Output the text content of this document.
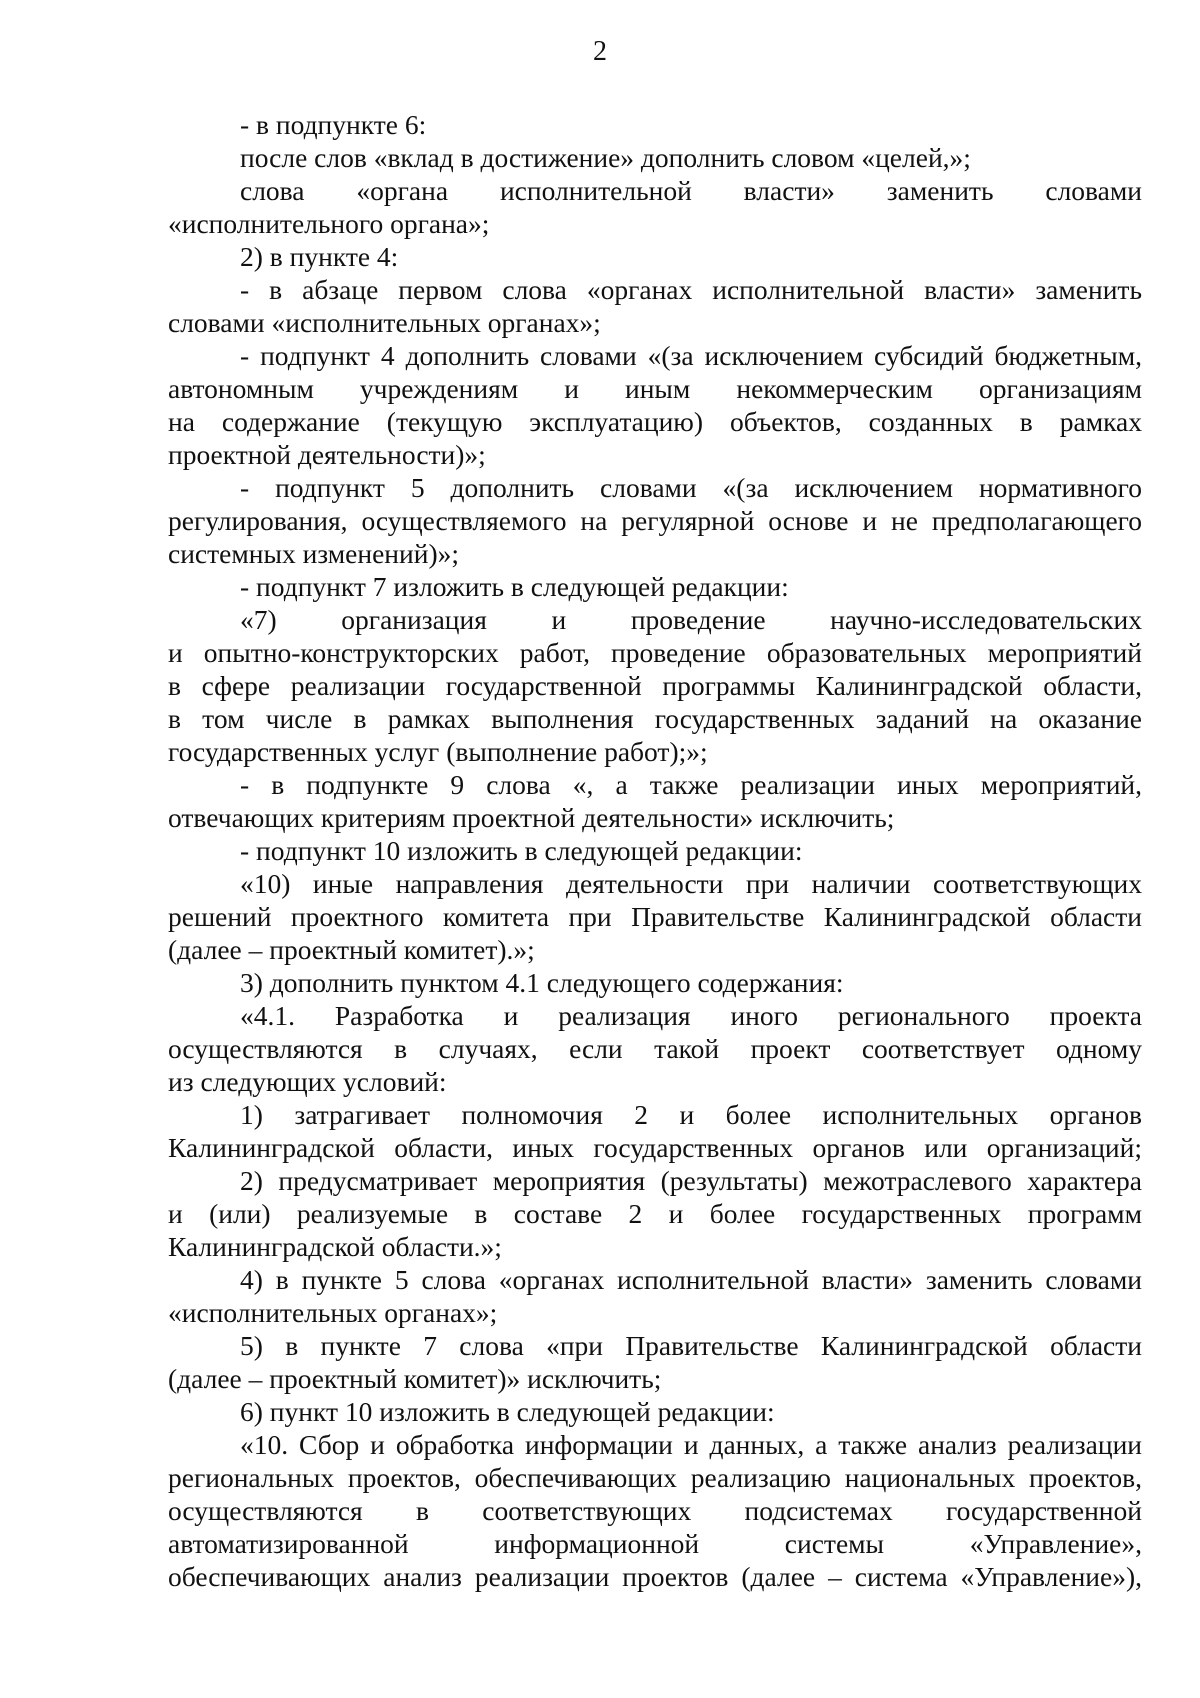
2
- в подпункте 6:
после слов «вклад в достижение» дополнить словом «целей,»;
слова «органа исполнительной власти» заменить словами
«исполнительного органа»;
2) в пункте 4:
- в абзаце первом слова «органах исполнительной власти» заменить
словами «исполнительных органах»;
- подпункт 4 дополнить словами «(за исключением субсидий бюджетным,
автономным учреждениям и иным некоммерческим организациям
на содержание (текущую эксплуатацию) объектов, созданных в рамках
проектной деятельности)»;
- подпункт 5 дополнить словами «(за исключением нормативного
регулирования, осуществляемого на регулярной основе и не предполагающего
системных изменений)»;
- подпункт 7 изложить в следующей редакции:
«7) организация и проведение научно-исследовательских
и опытно-конструкторских работ, проведение образовательных мероприятий
в сфере реализации государственной программы Калининградской области,
в том числе в рамках выполнения государственных заданий на оказание
государственных услуг (выполнение работ);»;
- в подпункте 9 слова «, а также реализации иных мероприятий,
отвечающих критериям проектной деятельности» исключить;
- подпункт 10 изложить в следующей редакции:
«10) иные направления деятельности при наличии соответствующих
решений проектного комитета при Правительстве Калининградской области
(далее – проектный комитет).»;
3) дополнить пунктом 4.1 следующего содержания:
«4.1. Разработка и реализация иного регионального проекта
осуществляются в случаях, если такой проект соответствует одному
из следующих условий:
1) затрагивает полномочия 2 и более исполнительных органов
Калининградской области, иных государственных органов или организаций;
2) предусматривает мероприятия (результаты) межотраслевого характера
и (или) реализуемые в составе 2 и более государственных программ
Калининградской области.»;
4) в пункте 5 слова «органах исполнительной власти» заменить словами
«исполнительных органах»;
5) в пункте 7 слова «при Правительстве Калининградской области
(далее – проектный комитет)» исключить;
6) пункт 10 изложить в следующей редакции:
«10. Сбор и обработка информации и данных, а также анализ реализации
региональных проектов, обеспечивающих реализацию национальных проектов,
осуществляются в соответствующих подсистемах государственной
автоматизированной информационной системы «Управление»,
обеспечивающих анализ реализации проектов (далее – система «Управление»),
